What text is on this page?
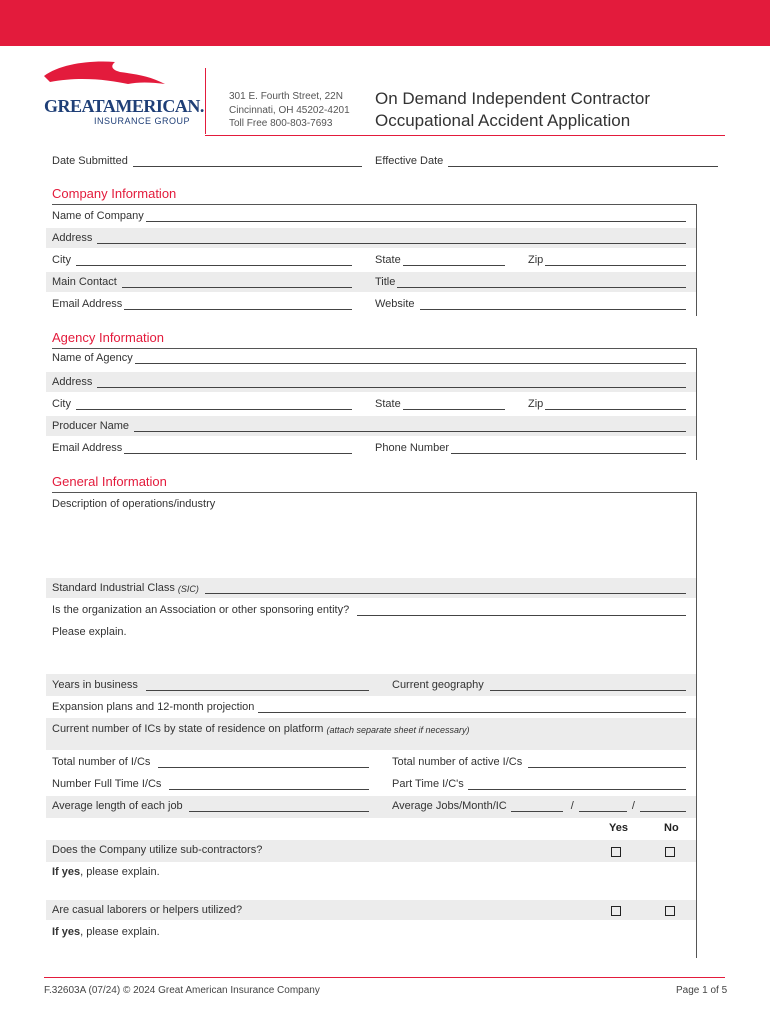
GREATAMERICAN.
INSURANCE GROUP
301 E. Fourth Street, 22N
Cincinnati, OH 45202-4201
Toll Free 800-803-7693
On Demand Independent Contractor
Occupational Accident Application
Date Submitted	Effective Date
Company Information
Name of Company
Address
City	State	Zip
Main Contact	Title
Email Address	Website
Agency Information
Name of Agency
Address
City	State	Zip
Producer Name
Email Address	Phone Number
General Information
Description of operations/industry
Standard Industrial Class (SIC)
Is the organization an Association or other sponsoring entity?
Please explain.
Years in business	Current geography
Expansion plans and 12-month projection
Current number of ICs by state of residence on platform (attach separate sheet if necessary)
Total number of I/Cs	Total number of active I/Cs
Number Full Time I/Cs	Part Time I/C's
Average length of each job	Average Jobs/Month/IC	/	/
Yes	No
Does the Company utilize sub-contractors?
If yes , please explain.
Are casual laborers or helpers utilized?
If yes , please explain.
F.32603A (07/24) © 2024 Great American Insurance Company	Page 1 of 5
